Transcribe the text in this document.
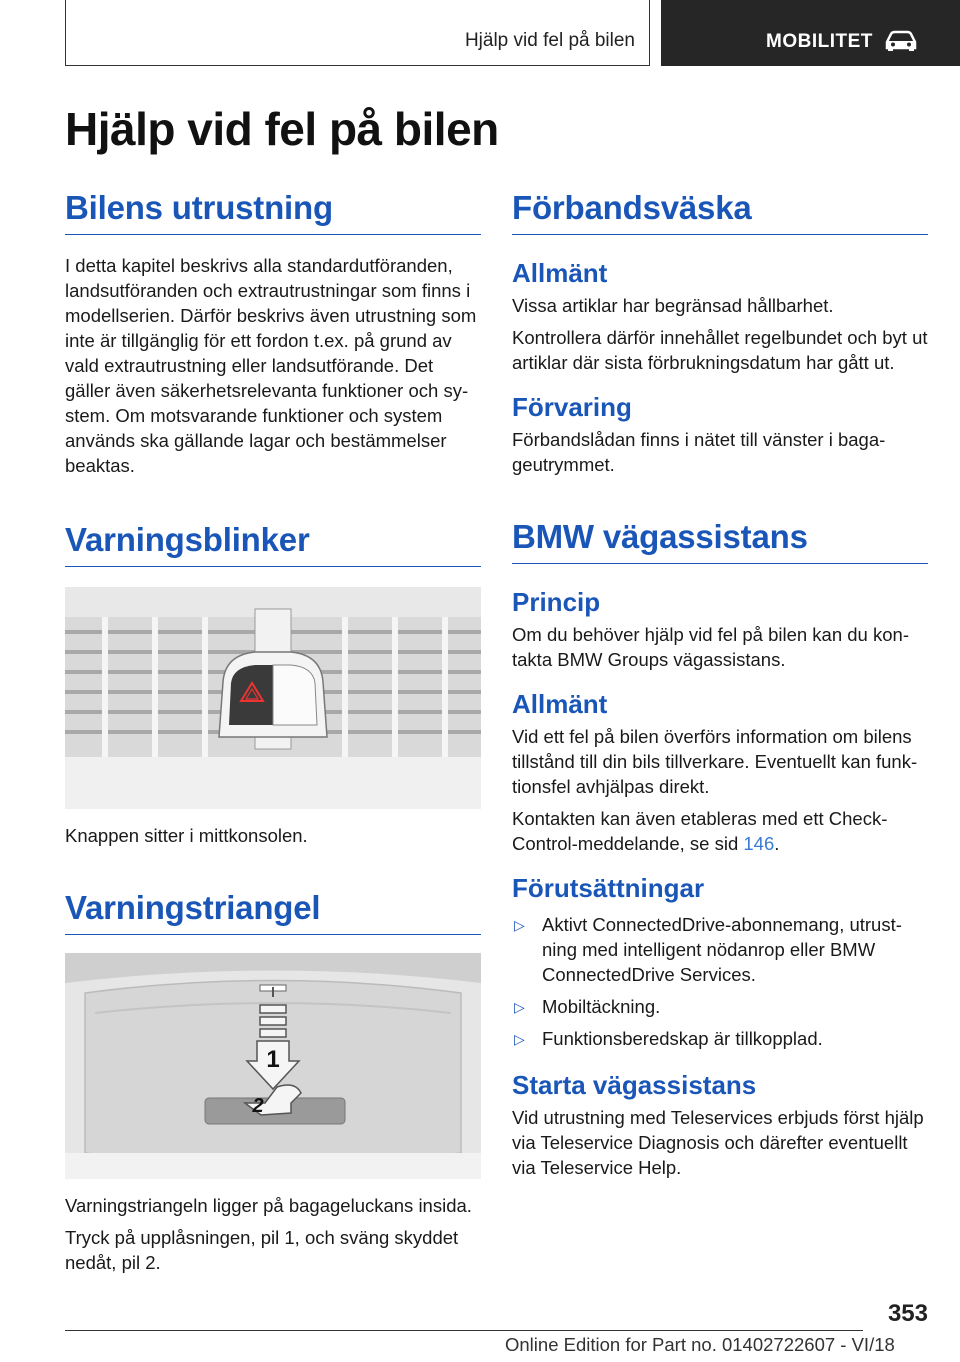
Hjälp vid fel på bilen	MOBILITET
Hjälp vid fel på bilen
Bilens utrustning

I detta kapitel beskrivs alla standardutföranden, landsutföranden och extrautrustningar som finns i modellserien. Därför beskrivs även utrustning som inte är tillgänglig för ett fordon t.ex. på grund av vald extrautrustning eller landsutförande. Det gäller även säkerhetsrelevanta funktioner och system. Om motsvarande funktioner och system används ska gällande lagar och bestämmelser beaktas.

Varningsblinker

Knappen sitter i mittkonsolen.

Varningstriangel
1
2

Varningstriangeln ligger på bagageluckans insida.

Tryck på upplåsningen, pil 1, och sväng skyddet nedåt, pil 2.

Förbandsväska
Allmänt

Vissa artiklar har begränsad hållbarhet.

Kontrollera därför innehållet regelbundet och byt ut artiklar där sista förbrukningsdatum har gått ut.

Förvaring

Förbandslådan finns i nätet till vänster i bagageutrymmet.

BMW vägassistans
Princip

Om du behöver hjälp vid fel på bilen kan du kontakta BMW Groups vägassistans.

Allmänt

Vid ett fel på bilen överförs information om bilens tillstånd till din bils tillverkare. Eventuellt kan funktionsfel avhjälpas direkt.

Kontakten kan även etableras med ett Check-Control-meddelande, se sid 146.

Förutsättningar
▷ Aktivt ConnectedDrive-abonnemang, utrustning med intelligent nödanrop eller BMW ConnectedDrive Services.
▷ Mobiltäckning.
▷ Funktionsberedskap är tillkopplad.
Starta vägassistans

Vid utrustning med Teleservices erbjuds först hjälp via Teleservice Diagnosis och därefter eventuellt via Teleservice Help.

353
Online Edition for Part no. 01402722607 - VI/18
